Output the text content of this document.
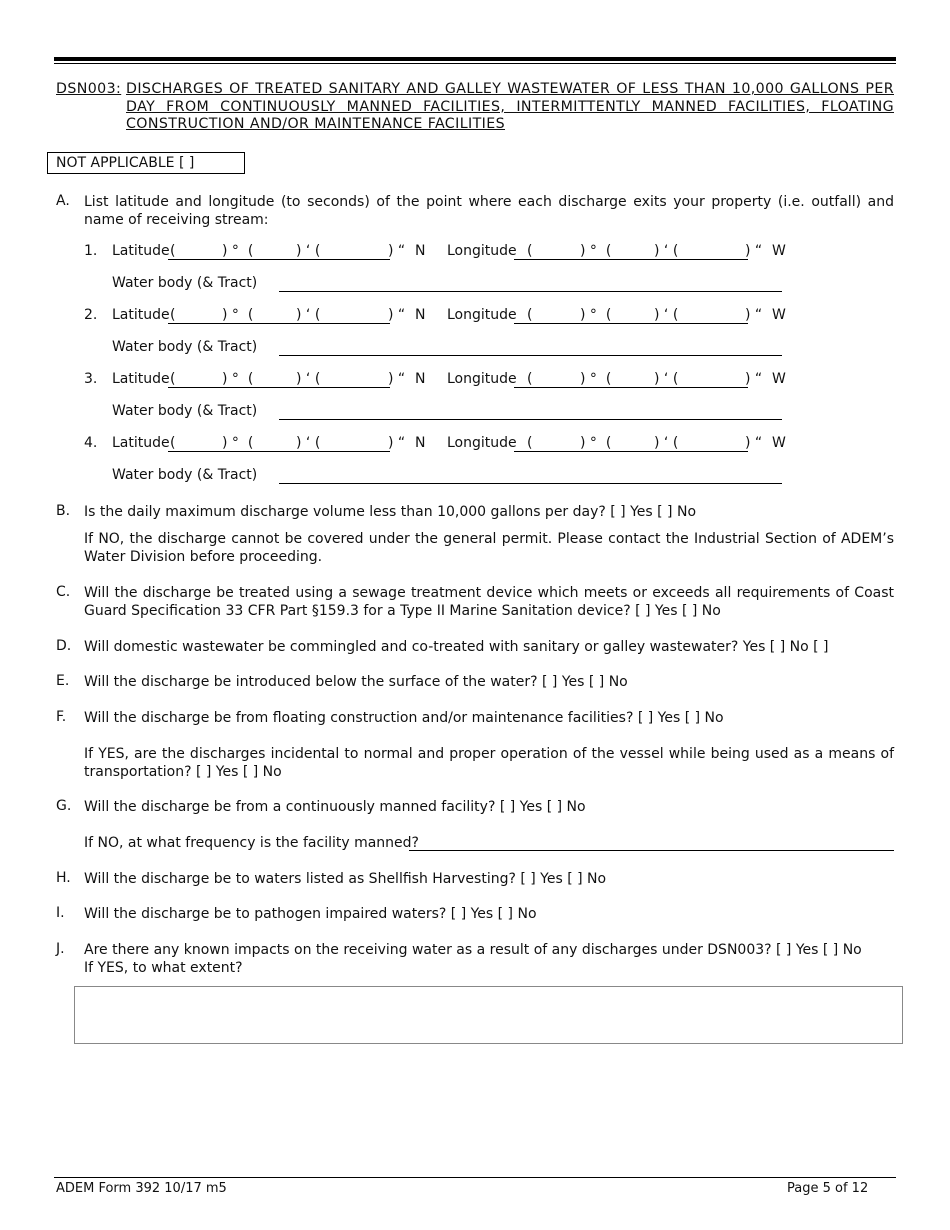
DSN003: DISCHARGES OF TREATED SANITARY AND GALLEY WASTEWATER OF LESS THAN 10,000 GALLONS PER DAY FROM CONTINUOUSLY MANNED FACILITIES, INTERMITTENTLY MANNED FACILITIES, FLOATING CONSTRUCTION AND/OR MAINTENANCE FACILITIES
NOT APPLICABLE [ ]
A. List latitude and longitude (to seconds) of the point where each discharge exits your property (i.e. outfall) and name of receiving stream:
1. Latitude (	) °  (	) ‘ (	) “ N Longitude (	) °  (	) ‘ (	) “ W
Water body (& Tract)
2. Latitude (	) °  (	) ‘ (	) “ N Longitude (	) °  (	) ‘ (	) “ W
Water body (& Tract)
3. Latitude (	) °  (	) ‘ (	) “ N Longitude (	) °  (	) ‘ (	) “ W
Water body (& Tract)
4. Latitude (	) °  (	) ‘ (	) “ N Longitude (	) °  (	) ‘ (	) “ W
Water body (& Tract)
B. Is the daily maximum discharge volume less than 10,000 gallons per day? [ ] Yes [ ] No
If NO, the discharge cannot be covered under the general permit. Please contact the Industrial Section of ADEM’s Water Division before proceeding.
C. Will the discharge be treated using a sewage treatment device which meets or exceeds all requirements of Coast Guard Specification 33 CFR Part §159.3 for a Type II Marine Sanitation device? [ ] Yes [ ] No
D. Will domestic wastewater be commingled and co-treated with sanitary or galley wastewater? Yes [ ] No [ ]
E. Will the discharge be introduced below the surface of the water? [ ] Yes [ ] No
F. Will the discharge be from floating construction and/or maintenance facilities? [ ] Yes [ ] No
If YES, are the discharges incidental to normal and proper operation of the vessel while being used as a means of transportation? [ ] Yes [ ] No
G. Will the discharge be from a continuously manned facility? [ ] Yes [ ] No
If NO, at what frequency is the facility manned?
H. Will the discharge be to waters listed as Shellfish Harvesting? [ ] Yes [ ] No
I. Will the discharge be to pathogen impaired waters? [ ] Yes [ ] No
J. Are there any known impacts on the receiving water as a result of any discharges under DSN003? [ ] Yes [ ] No
If YES, to what extent?
ADEM Form 392 10/17 m5	Page 5 of 12
